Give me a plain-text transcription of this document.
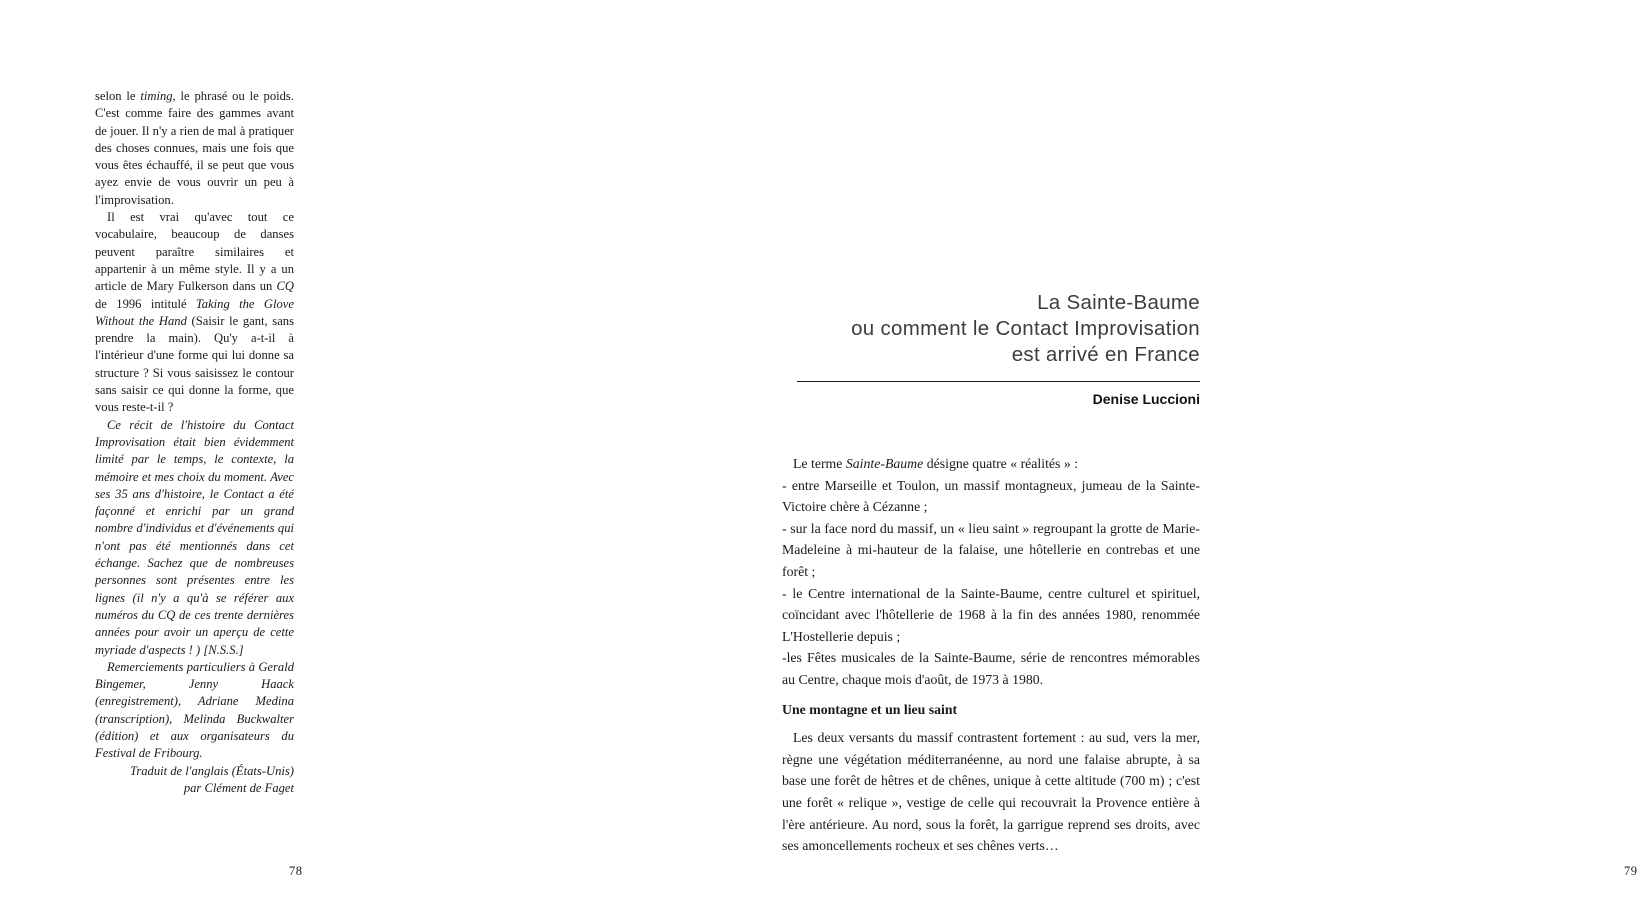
selon le timing, le phrasé ou le poids. C'est comme faire des gammes avant de jouer. Il n'y a rien de mal à pratiquer des choses connues, mais une fois que vous êtes échauffé, il se peut que vous ayez envie de vous ouvrir un peu à l'improvisation.

Il est vrai qu'avec tout ce vocabulaire, beaucoup de danses peuvent paraître similaires et appartenir à un même style. Il y a un article de Mary Fulkerson dans un CQ de 1996 intitulé Taking the Glove Without the Hand (Saisir le gant, sans prendre la main). Qu'y a-t-il à l'intérieur d'une forme qui lui donne sa structure ? Si vous saisissez le contour sans saisir ce qui donne la forme, que vous reste-t-il ?

Ce récit de l'histoire du Contact Improvisation était bien évidemment limité par le temps, le contexte, la mémoire et mes choix du moment. Avec ses 35 ans d'histoire, le Contact a été façonné et enrichi par un grand nombre d'individus et d'événements qui n'ont pas été mentionnés dans cet échange. Sachez que de nombreuses personnes sont présentes entre les lignes (il n'y a qu'à se référer aux numéros du CQ de ces trente dernières années pour avoir un aperçu de cette myriade d'aspects ! ) [N.S.S.]

Remerciements particuliers à Gerald Bingemer, Jenny Haack (enregistrement), Adriane Medina (transcription), Melinda Buckwalter (édition) et aux organisateurs du Festival de Fribourg.

Traduit de l'anglais (États-Unis)
par Clément de Faget

78
La Sainte-Baume
ou comment le Contact Improvisation
est arrivé en France

Denise Luccioni

Le terme Sainte-Baume désigne quatre « réalités » :

- entre Marseille et Toulon, un massif montagneux, jumeau de la Sainte-Victoire chère à Cézanne ;

- sur la face nord du massif, un « lieu saint » regroupant la grotte de Marie-Madeleine à mi-hauteur de la falaise, une hôtellerie en contrebas et une forêt ;

- le Centre international de la Sainte-Baume, centre culturel et spirituel, coïncidant avec l'hôtellerie de 1968 à la fin des années 1980, renommée L'Hostellerie depuis ;

-les Fêtes musicales de la Sainte-Baume, série de rencontres mémorables au Centre, chaque mois d'août, de 1973 à 1980.

Une montagne et un lieu saint

Les deux versants du massif contrastent fortement : au sud, vers la mer, règne une végétation méditerranéenne, au nord une falaise abrupte, à sa base une forêt de hêtres et de chênes, unique à cette altitude (700 m) ; c'est une forêt « relique », vestige de celle qui recouvrait la Provence entière à l'ère antérieure. Au nord, sous la forêt, la garrigue reprend ses droits, avec ses amoncellements rocheux et ses chênes verts…

79
